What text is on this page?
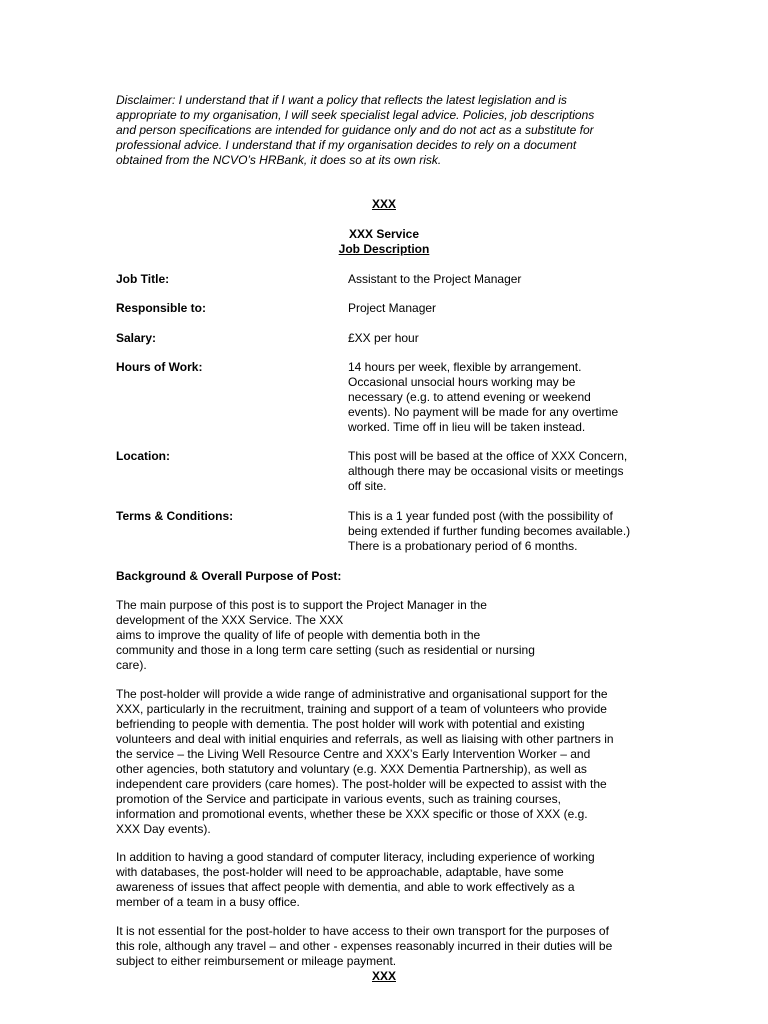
Disclaimer: I understand that if I want a policy that reflects the latest legislation and is
appropriate to my organisation, I will seek specialist legal advice. Policies, job descriptions
and person specifications are intended for guidance only and do not act as a substitute for
professional advice. I understand that if my organisation decides to rely on a document
obtained from the NCVO’s HRBank, it does so at its own risk.
XXX
XXX Service
Job Description
Job Title:	Assistant to the Project Manager
Responsible to:	Project Manager
Salary:	£XX per hour
Hours of Work:	14 hours per week, flexible by arrangement.
Occasional unsocial hours working may be
necessary (e.g. to attend evening or weekend
events). No payment will be made for any overtime
worked. Time off in lieu will be taken instead.
Location:	This post will be based at the office of XXX Concern,
although there may be occasional visits or meetings
off site.
Terms & Conditions:	This is a 1 year funded post (with the possibility of
being extended if further funding becomes available.)
There is a probationary period of 6 months.
Background & Overall Purpose of Post:
The main purpose of this post is to support the Project Manager in the
development of the XXX Service. The XXX
aims to improve the quality of life of people with dementia both in the
community and those in a long term care setting (such as residential or nursing
care).
The post-holder will provide a wide range of administrative and organisational support for the
XXX, particularly in the recruitment, training and support of a team of volunteers who provide
befriending to people with dementia. The post holder will work with potential and existing
volunteers and deal with initial enquiries and referrals, as well as liaising with other partners in
the service – the Living Well Resource Centre and XXX’s Early Intervention Worker – and
other agencies, both statutory and voluntary (e.g. XXX Dementia Partnership), as well as
independent care providers (care homes). The post-holder will be expected to assist with the
promotion of the Service and participate in various events, such as training courses,
information and promotional events, whether these be XXX specific or those of XXX (e.g.
XXX Day events).
In addition to having a good standard of computer literacy, including experience of working
with databases, the post-holder will need to be approachable, adaptable, have some
awareness of issues that affect people with dementia, and able to work effectively as a
member of a team in a busy office.
It is not essential for the post-holder to have access to their own transport for the purposes of
this role, although any travel – and other - expenses reasonably incurred in their duties will be
subject to either reimbursement or mileage payment.
XXX
